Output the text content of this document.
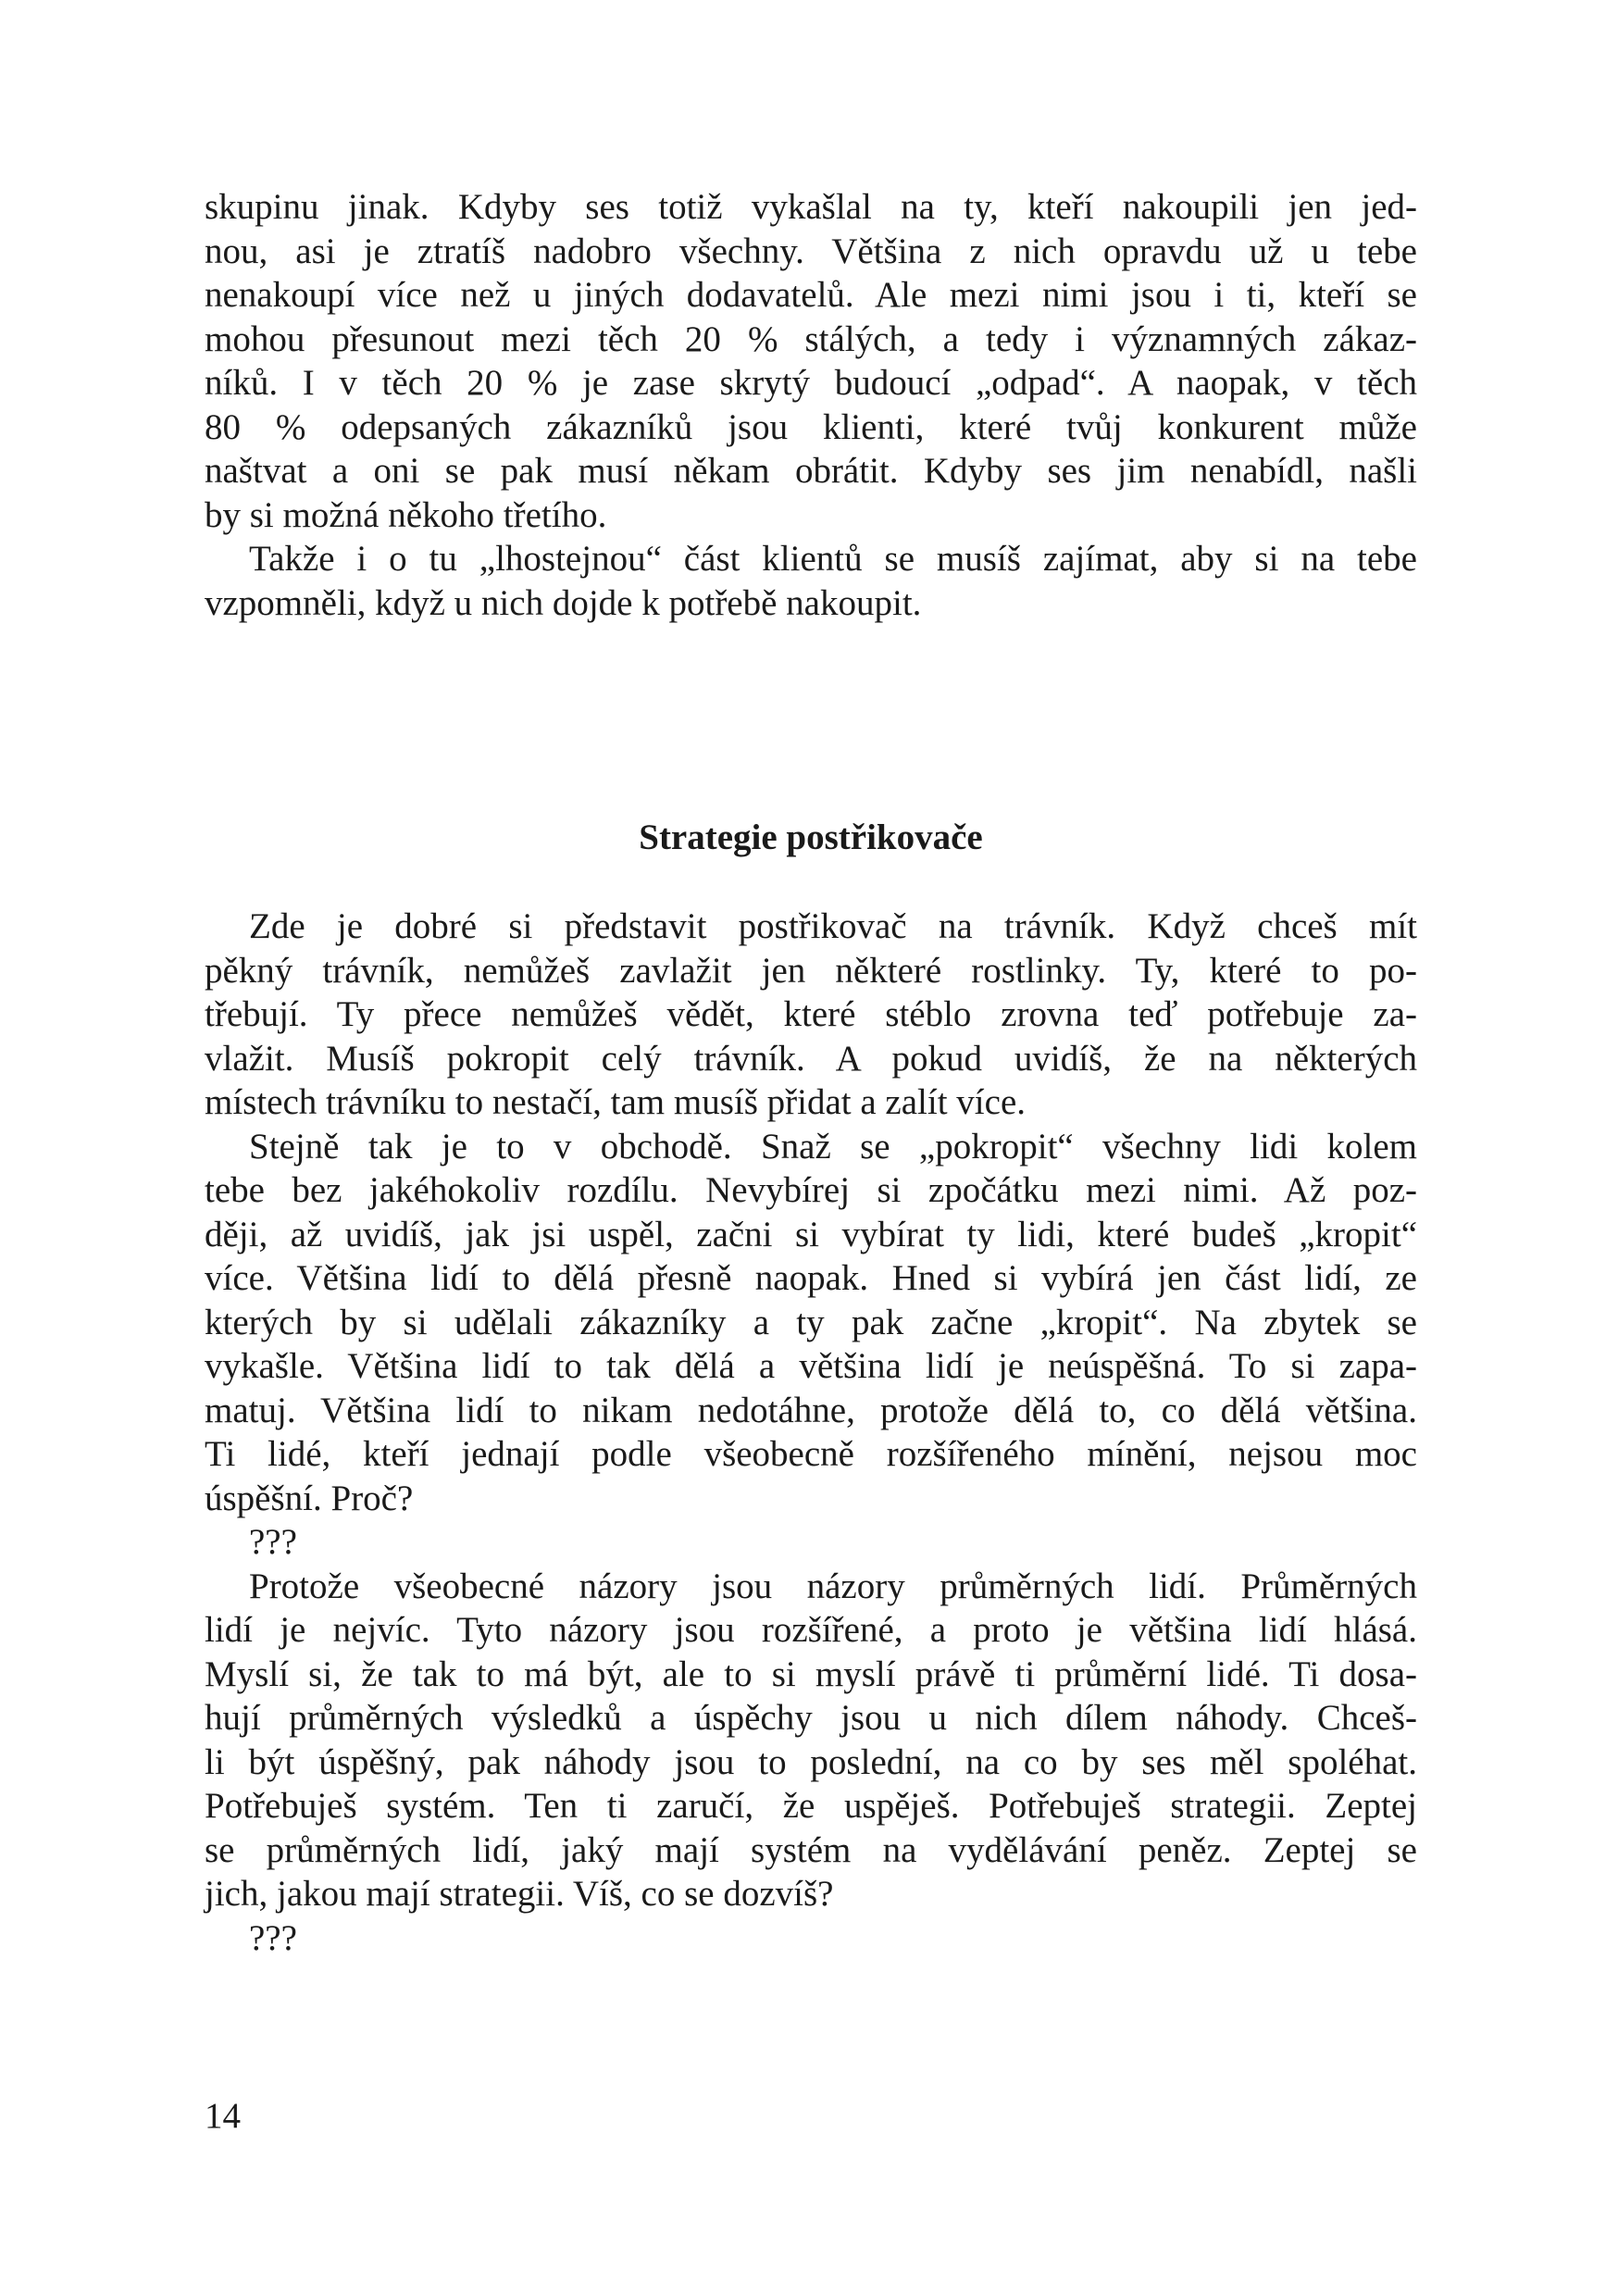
skupinu jinak. Kdyby ses totiž vykašlal na ty, kteří nakoupili jen jed-
nou, asi je ztratíš nadobro všechny. Většina z nich opravdu už u tebe
nenakoupí více než u jiných dodavatelů. Ale mezi nimi jsou i ti, kteří se
mohou přesunout mezi těch 20 % stálých, a tedy i významných zákaz-
níků. I v těch 20 % je zase skrytý budoucí „odpad“. A naopak, v těch
80 % odepsaných zákazníků jsou klienti, které tvůj konkurent může
naštvat a oni se pak musí někam obrátit. Kdyby ses jim nenabídl, našli
by si možná někoho třetího.
Takže i o tu „lhostejnou“ část klientů se musíš zajímat, aby si na tebe
vzpomněli, když u nich dojde k potřebě nakoupit.
Strategie postřikovače
Zde je dobré si představit postřikovač na trávník. Když chceš mít
pěkný trávník, nemůžeš zavlažit jen některé rostlinky. Ty, které to po-
třebují. Ty přece nemůžeš vědět, které stéblo zrovna teď potřebuje za-
vlažit. Musíš pokropit celý trávník. A pokud uvidíš, že na některých
místech trávníku to nestačí, tam musíš přidat a zalít více.
Stejně tak je to v obchodě. Snaž se „pokropit“ všechny lidi kolem
tebe bez jakéhokoliv rozdílu. Nevybírej si zpočátku mezi nimi. Až poz-
ději, až uvidíš, jak jsi uspěl, začni si vybírat ty lidi, které budeš „kropit“
více. Většina lidí to dělá přesně naopak. Hned si vybírá jen část lidí, ze
kterých by si udělali zákazníky a ty pak začne „kropit“. Na zbytek se
vykašle. Většina lidí to tak dělá a většina lidí je neúspěšná. To si zapa-
matuj. Většina lidí to nikam nedotáhne, protože dělá to, co dělá většina.
Ti lidé, kteří jednají podle všeobecně rozšířeného mínění, nejsou moc
úspěšní. Proč?
???
Protože všeobecné názory jsou názory průměrných lidí. Průměrných
lidí je nejvíc. Tyto názory jsou rozšířené, a proto je většina lidí hlásá.
Myslí si, že tak to má být, ale to si myslí právě ti průměrní lidé. Ti dosa-
hují průměrných výsledků a úspěchy jsou u nich dílem náhody. Chceš-
li být úspěšný, pak náhody jsou to poslední, na co by ses měl spoléhat.
Potřebuješ systém. Ten ti zaručí, že uspěješ. Potřebuješ strategii. Zeptej
se průměrných lidí, jaký mají systém na vydělávání peněz. Zeptej se
jich, jakou mají strategii. Víš, co se dozvíš?
???
14
